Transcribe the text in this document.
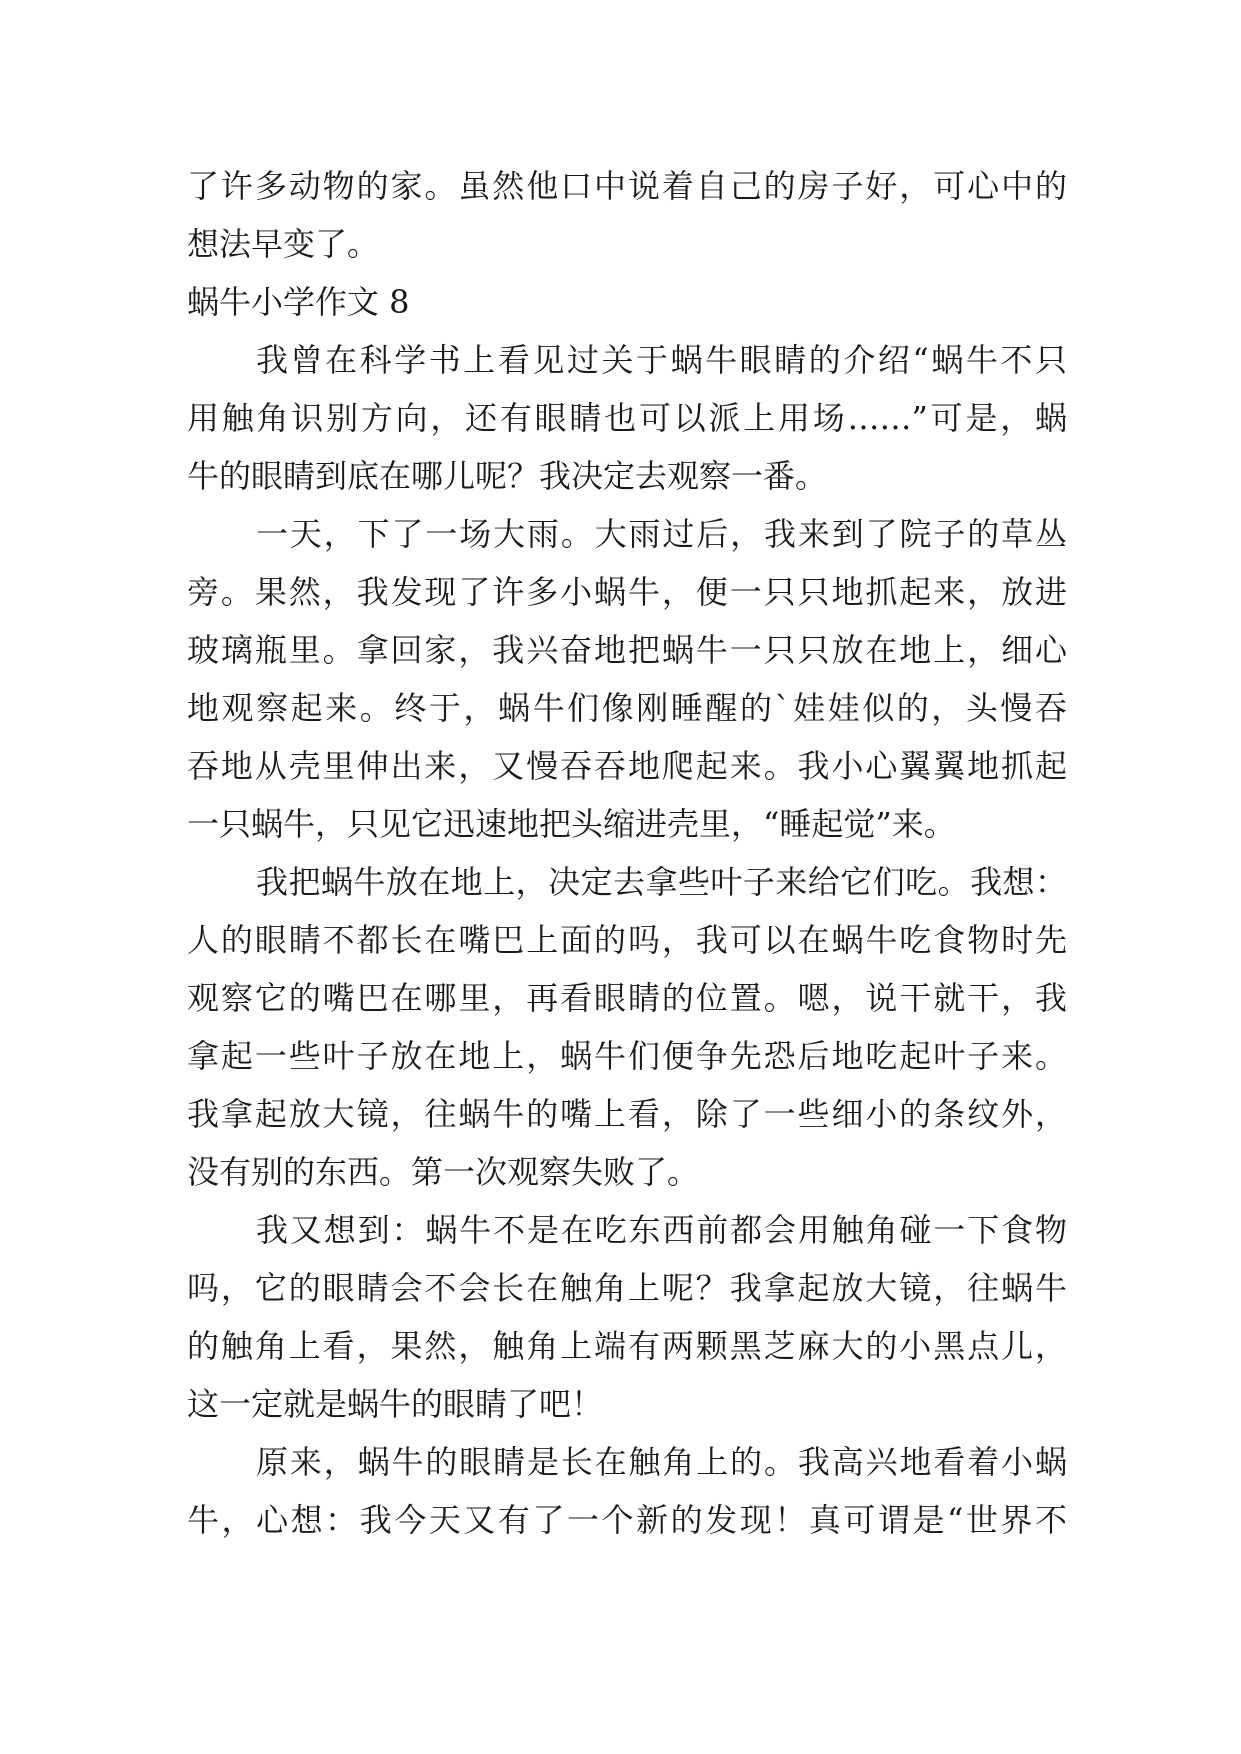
了许多动物的家。虽然他口中说着自己的房子好，可心中的
想法早变了。
蜗牛小学作文 8
我曾在科学书上看见过关于蜗牛眼睛的介绍“蜗牛不只
用触角识别方向，还有眼睛也可以派上用场……”可是，蜗
牛的眼睛到底在哪儿呢？我决定去观察一番。
一天，下了一场大雨。大雨过后，我来到了院子的草丛
旁。果然，我发现了许多小蜗牛，便一只只地抓起来，放进
玻璃瓶里。拿回家，我兴奋地把蜗牛一只只放在地上，细心
地观察起来。终于，蜗牛们像刚睡醒的`娃娃似的，头慢吞
吞地从壳里伸出来，又慢吞吞地爬起来。我小心翼翼地抓起
一只蜗牛，只见它迅速地把头缩进壳里，“睡起觉”来。
我把蜗牛放在地上，决定去拿些叶子来给它们吃。我想：
人的眼睛不都长在嘴巴上面的吗，我可以在蜗牛吃食物时先
观察它的嘴巴在哪里，再看眼睛的位置。嗯，说干就干，我
拿起一些叶子放在地上，蜗牛们便争先恐后地吃起叶子来。
我拿起放大镜，往蜗牛的嘴上看，除了一些细小的条纹外，
没有别的东西。第一次观察失败了。
我又想到：蜗牛不是在吃东西前都会用触角碰一下食物
吗，它的眼睛会不会长在触角上呢？我拿起放大镜，往蜗牛
的触角上看，果然，触角上端有两颗黑芝麻大的小黑点儿，
这一定就是蜗牛的眼睛了吧！
原来，蜗牛的眼睛是长在触角上的。我高兴地看着小蜗
牛，心想：我今天又有了一个新的发现！真可谓是“世界不
